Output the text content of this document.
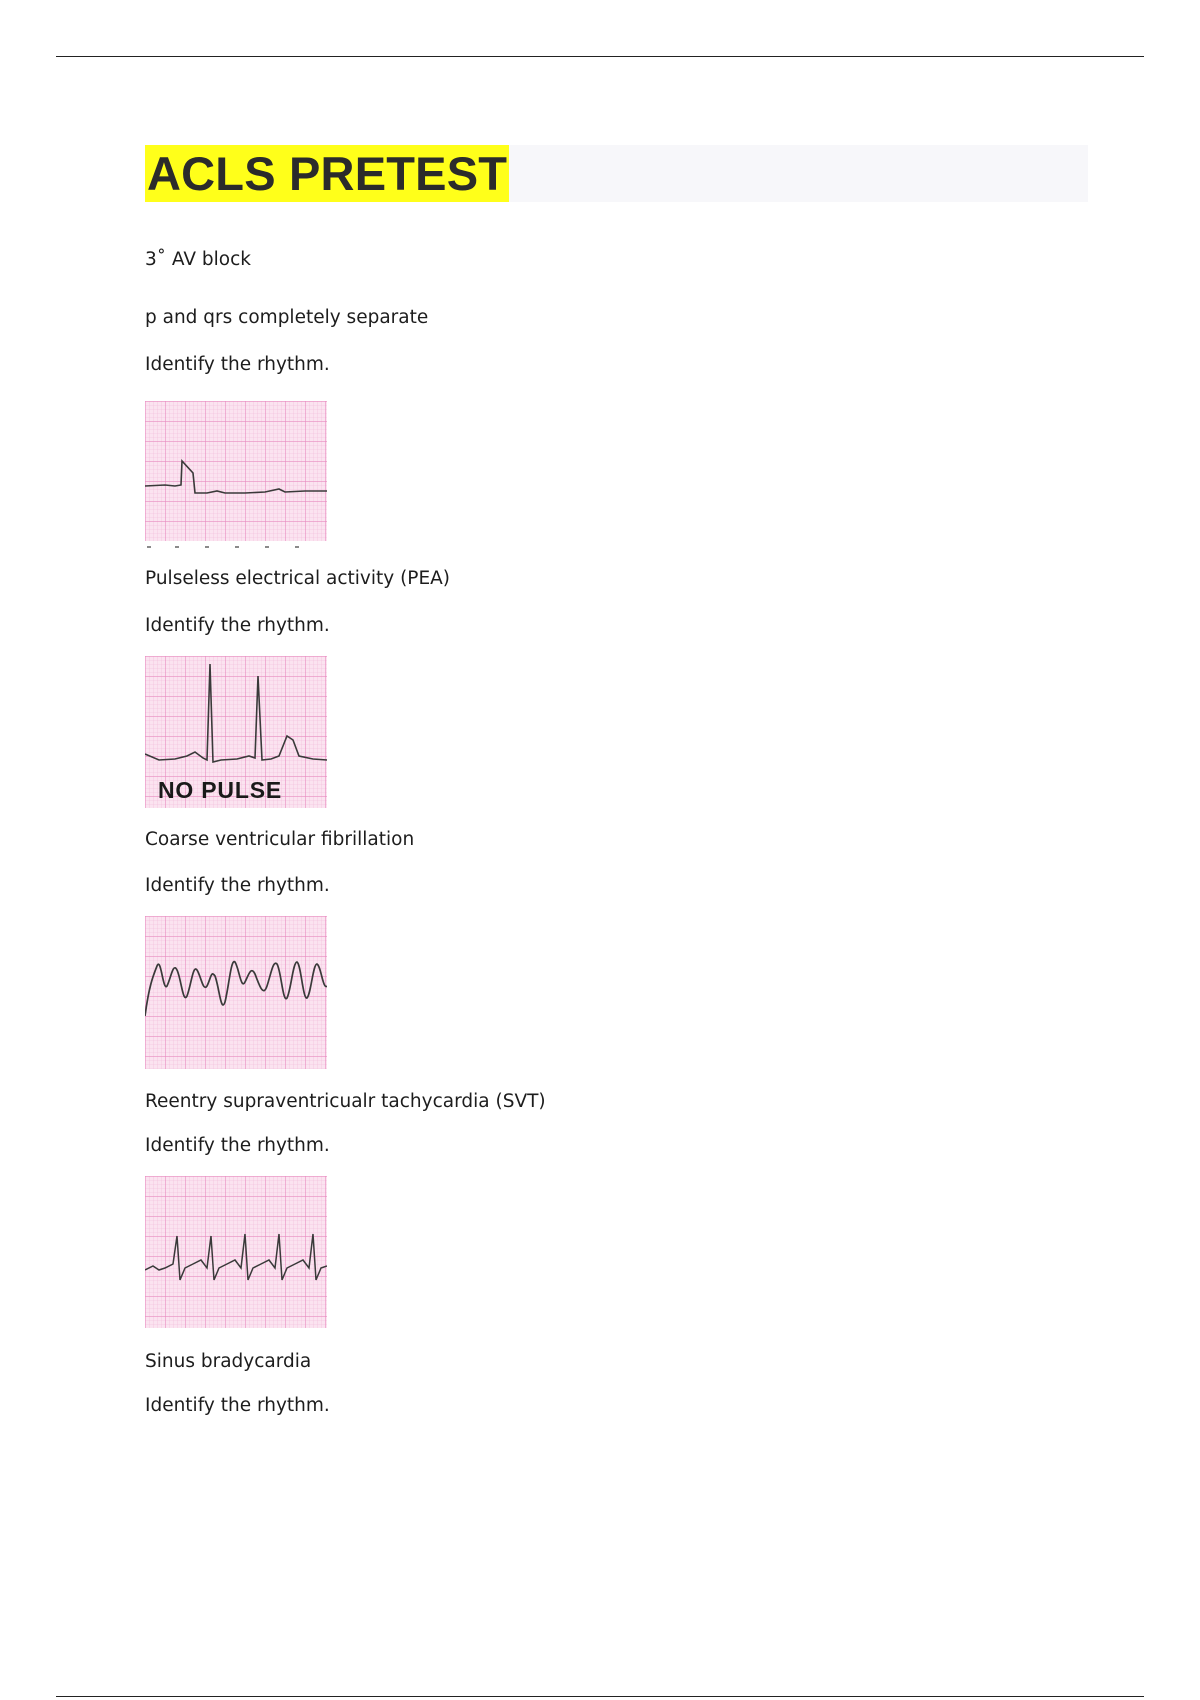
ACLS PRETEST
3˚ AV block
p and qrs completely separate
Identify the rhythm.
Pulseless electrical activity (PEA)
Identify the rhythm.
NO PULSE
Coarse ventricular fibrillation
Identify the rhythm.
Reentry supraventricualr tachycardia (SVT)
Identify the rhythm.
Sinus bradycardia
Identify the rhythm.
